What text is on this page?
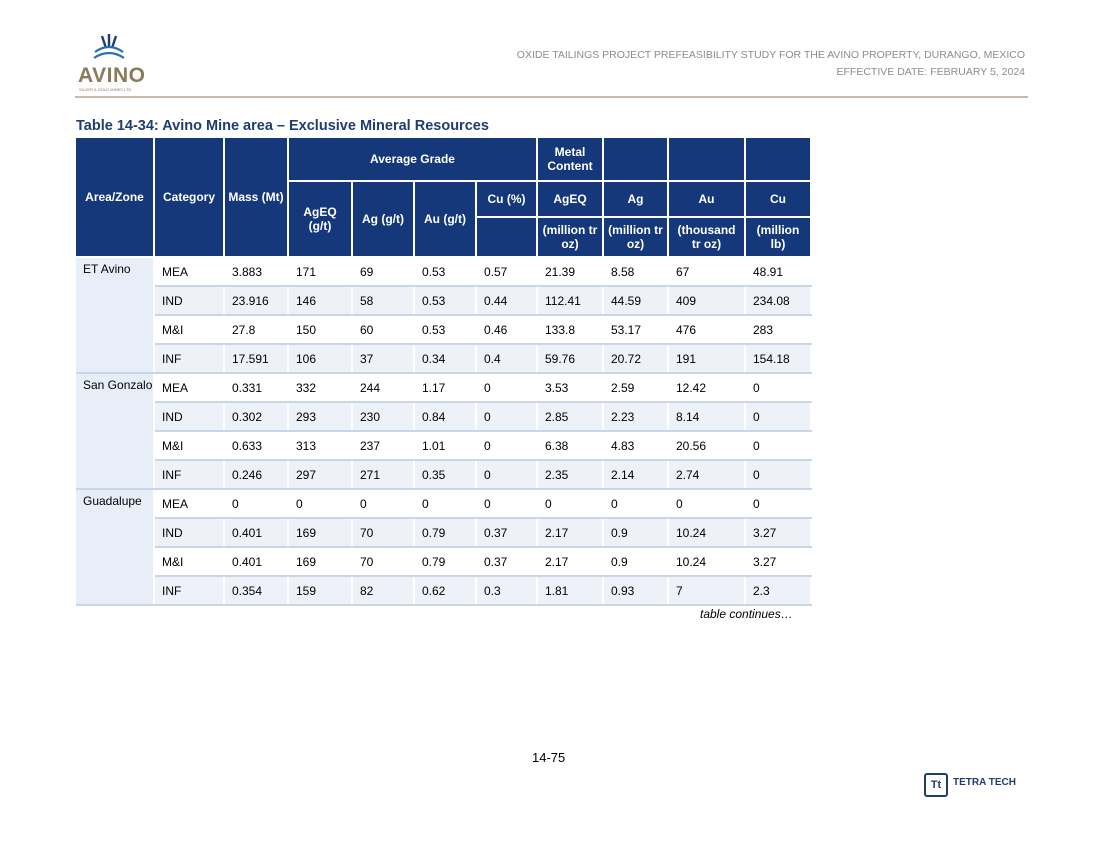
AVINO
SILVER & GOLD MINES LTD.
OXIDE TAILINGS PROJECT PREFEASIBILITY STUDY FOR THE AVINO PROPERTY, DURANGO, MEXICO
EFFECTIVE DATE: FEBRUARY 5, 2024
Table 14-34: Avino Mine area – Exclusive Mineral Resources
Area/Zone	Category	Mass (Mt)	Average Grade				Metal Content			
			AgEQ (g/t)	Ag (g/t)	Au (g/t)	Cu (%)	AgEQ	Ag	Au	Cu
							(million tr oz)	(million tr oz)	(thousand tr oz)	(million lb)
ET Avino	MEA	3.883	171	69	0.53	0.57	21.39	8.58	67	48.91
	IND	23.916	146	58	0.53	0.44	112.41	44.59	409	234.08
	M&I	27.8	150	60	0.53	0.46	133.8	53.17	476	283
	INF	17.591	106	37	0.34	0.4	59.76	20.72	191	154.18
San Gonzalo	MEA	0.331	332	244	1.17	0	3.53	2.59	12.42	0
	IND	0.302	293	230	0.84	0	2.85	2.23	8.14	0
	M&I	0.633	313	237	1.01	0	6.38	4.83	20.56	0
	INF	0.246	297	271	0.35	0	2.35	2.14	2.74	0
Guadalupe	MEA	0	0	0	0	0	0	0	0	0
	IND	0.401	169	70	0.79	0.37	2.17	0.9	10.24	3.27
	M&I	0.401	169	70	0.79	0.37	2.17	0.9	10.24	3.27
	INF	0.354	159	82	0.62	0.3	1.81	0.93	7	2.3
table continues…
14-75
Tt	TETRA TECH
